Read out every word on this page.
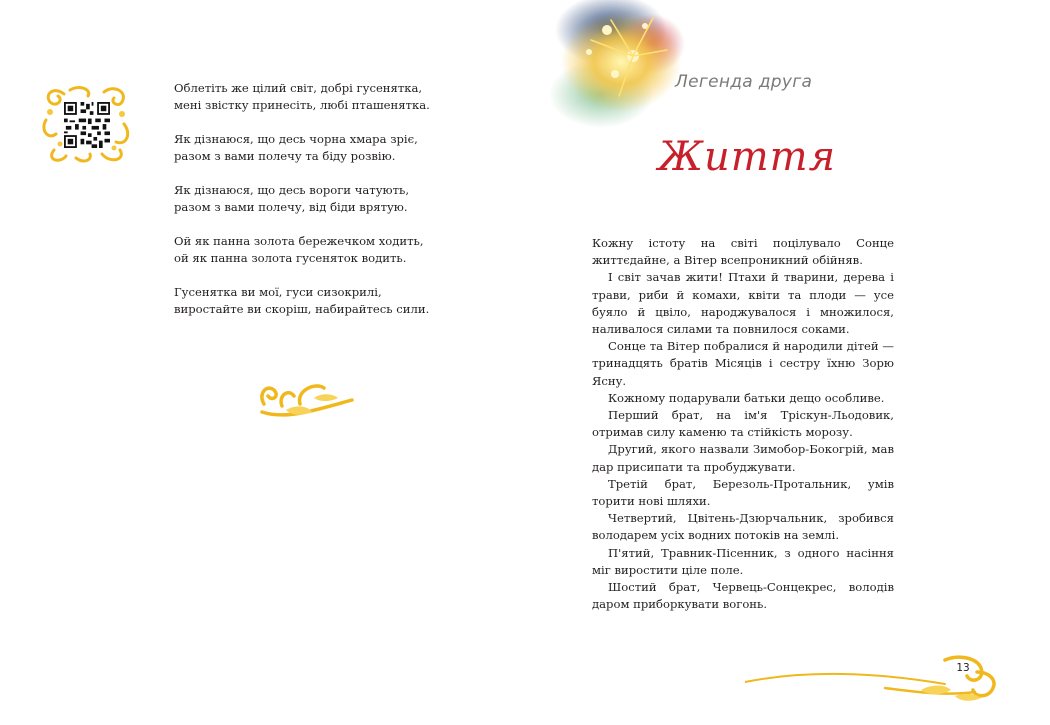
Облетіть же цілий світ, добрі гусенятка,
мені звістку принесіть, любі пташенятка.
Як дізнаюся, що десь чорна хмара зріє,
разом з вами полечу та біду розвію.
Як дізнаюся, що десь вороги чатують,
разом з вами полечу, від біди врятую.
Ой як панна золота бережечком ходить,
ой як панна золота гусеняток водить.
Гусенятка ви мої, гуси сизокрилі,
виростайте ви скоріш, набирайтесь сили.
Легенда друга
Життя

Кожну істоту на світі поцілувало Сонце життєдайне, а Вітер всепроникний обійняв.

І світ зачав жити! Птахи й тварини, дерева і трави, риби й комахи, квіти та плоди — усе буяло й цвіло, народжувалося і множилося, наливалося силами та повнилося соками.

Сонце та Вітер побралися й народили дітей — тринадцять братів Місяців і сестру їхню Зорю Ясну.

Кожному подарували батьки дещо особливе.

Перший брат, на ім'я Тріскун-Льодовик, отримав силу каменю та стійкість морозу.

Другий, якого назвали Зимобор-Бокогрій, мав дар присипати та пробуджувати.

Третій брат, Березоль-Протальник, умів торити нові шляхи.

Четвертий, Цвітень-Дзюрчальник, зробився володарем усіх водних потоків на землі.

П'ятий, Травник-Пісенник, з одного насіння міг виростити ціле поле.

Шостий брат, Червець-Сонцекрес, володів даром приборкувати вогонь.

13
